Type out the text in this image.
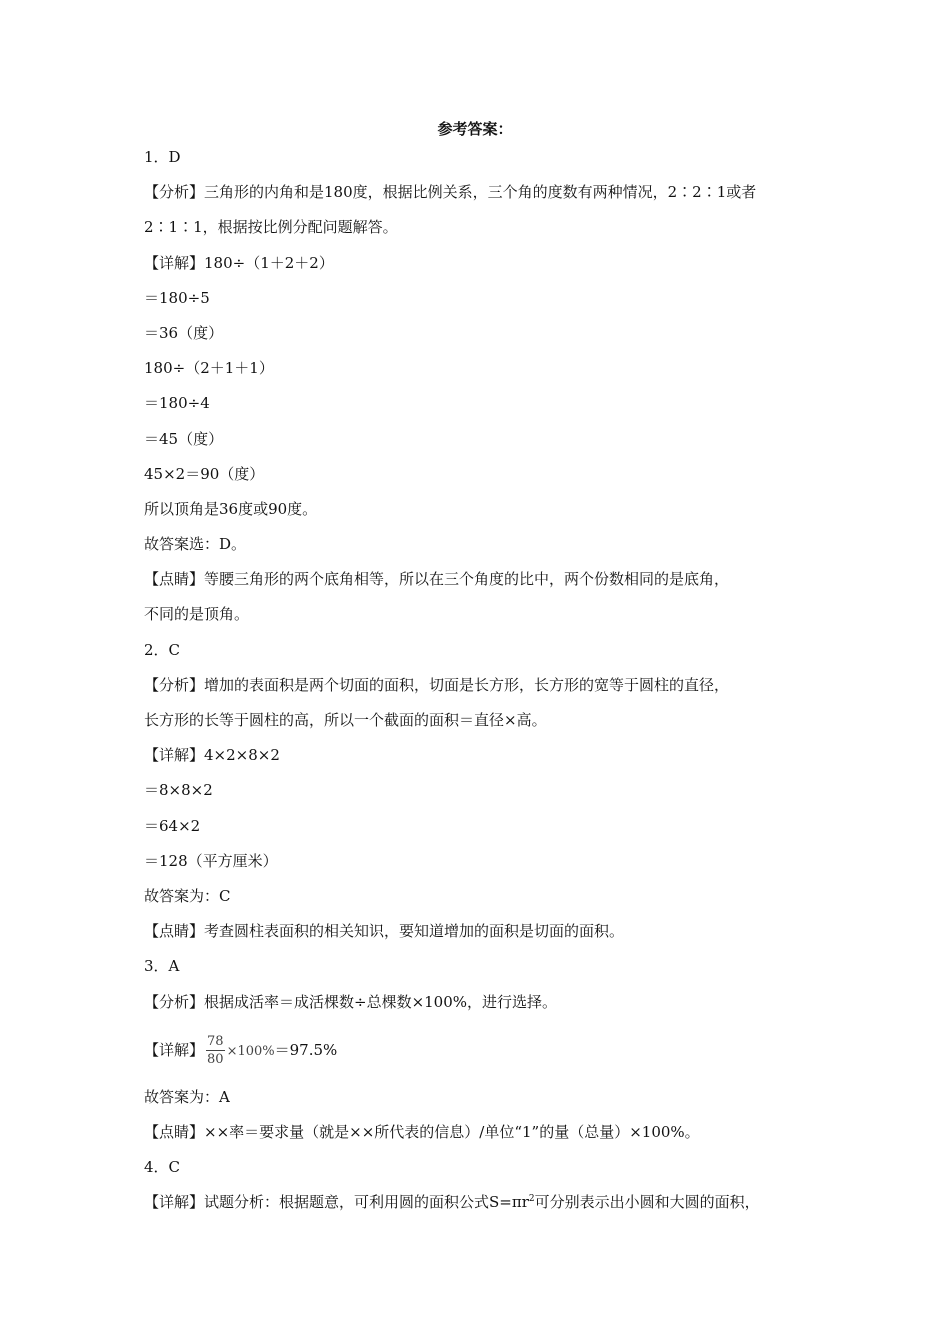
参考答案：
1．D
【分析】三角形的内角和是180度，根据比例关系，三个角的度数有两种情况，2∶2∶1或者
2∶1∶1，根据按比例分配问题解答。
【详解】180÷（1＋2＋2）
＝180÷5
＝36（度）
180÷（2＋1＋1）
＝180÷4
＝45（度）
45×2＝90（度）
所以顶角是36度或90度。
故答案选：D。
【点睛】等腰三角形的两个底角相等，所以在三个角度的比中，两个份数相同的是底角，
不同的是顶角。
2．C
【分析】增加的表面积是两个切面的面积，切面是长方形，长方形的宽等于圆柱的直径，
长方形的长等于圆柱的高，所以一个截面的面积＝直径×高。
【详解】4×2×8×2
＝8×8×2
＝64×2
＝128（平方厘米）
故答案为：C
【点睛】考查圆柱表面积的相关知识，要知道增加的面积是切面的面积。
3．A
【分析】根据成活率＝成活棵数÷总棵数×100%，进行选择。
【详解】 $\frac{78}{80} \times 100\%=97.5\%$
故答案为：A
【点睛】××率＝要求量（就是××所代表的信息）/单位“1”的量（总量）×100%。
4．C
【详解】试题分析：根据题意，可利用圆的面积公式$S=\pi r^2$可分别表示出小圆和大圆的面积，
